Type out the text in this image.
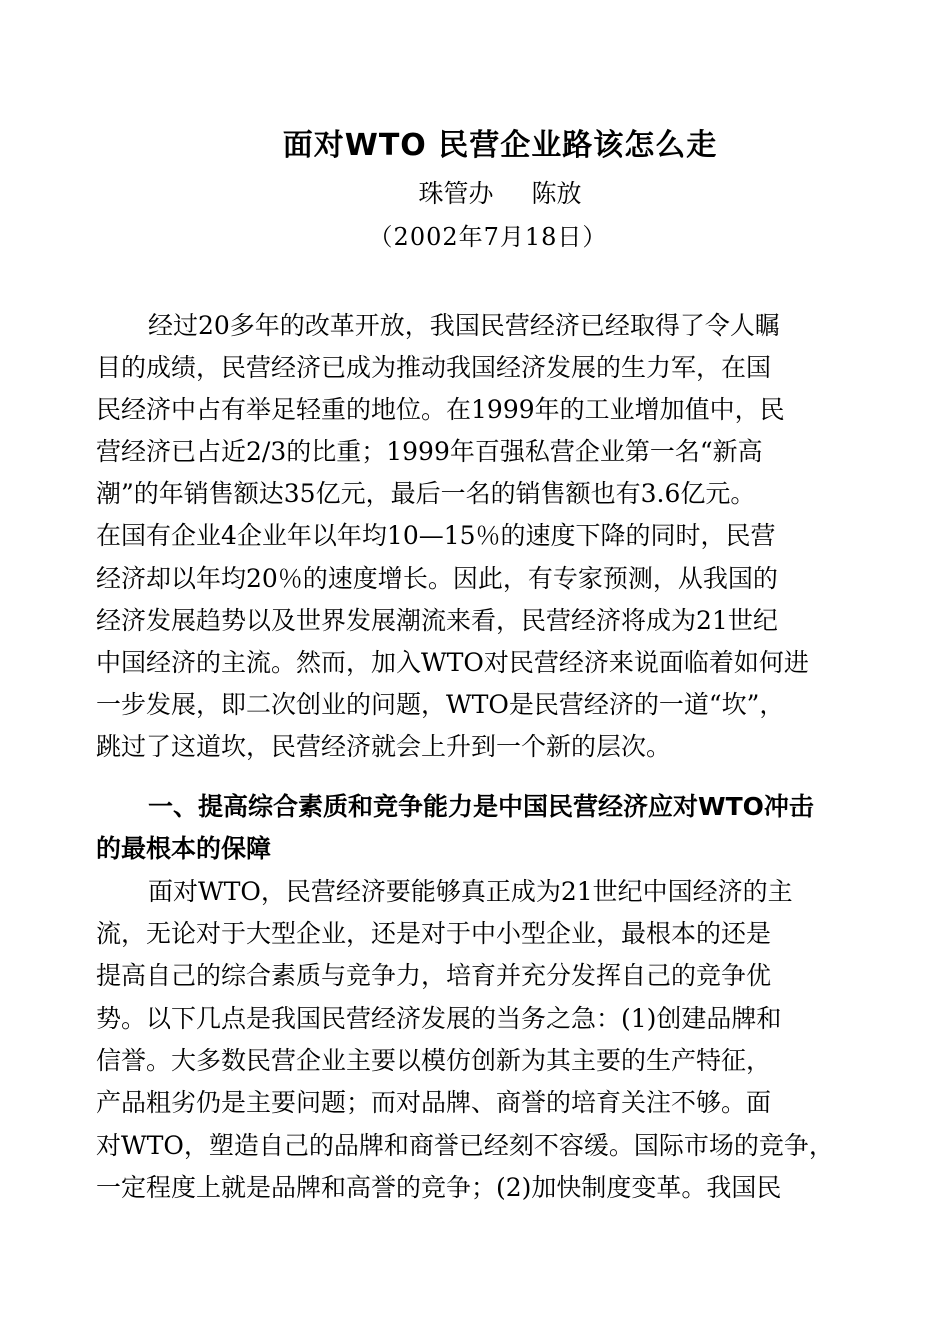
面对WTO 民营企业路该怎么走
珠管办 陈放
（2002年7月18日）
经过20多年的改革开放，我国民营经济已经取得了令人瞩
目的成绩，民营经济已成为推动我国经济发展的生力军，在国
民经济中占有举足轻重的地位。在1999年的工业增加值中，民
营经济已占近2/3的比重；1999年百强私营企业第一名“新高
潮”的年销售额达35亿元，最后一名的销售额也有3.6亿元。
在国有企业4企业年以年均10—15％的速度下降的同时，民营
经济却以年均20％的速度增长。因此，有专家预测，从我国的
经济发展趋势以及世界发展潮流来看，民营经济将成为21世纪
中国经济的主流。然而，加入WTO对民营经济来说面临着如何进
一步发展，即二次创业的问题，WTO是民营经济的一道“坎”，
跳过了这道坎，民营经济就会上升到一个新的层次。
一、提高综合素质和竞争能力是中国民营经济应对WTO冲击
的最根本的保障
面对WTO，民营经济要能够真正成为21世纪中国经济的主
流，无论对于大型企业，还是对于中小型企业，最根本的还是
提高自己的综合素质与竞争力，培育并充分发挥自己的竞争优
势。以下几点是我国民营经济发展的当务之急：(1)创建品牌和
信誉。大多数民营企业主要以模仿创新为其主要的生产特征，
产品粗劣仍是主要问题；而对品牌、商誉的培育关注不够。面
对WTO，塑造自己的品牌和商誉已经刻不容缓。国际市场的竞争，
一定程度上就是品牌和高誉的竞争；(2)加快制度变革。我国民
